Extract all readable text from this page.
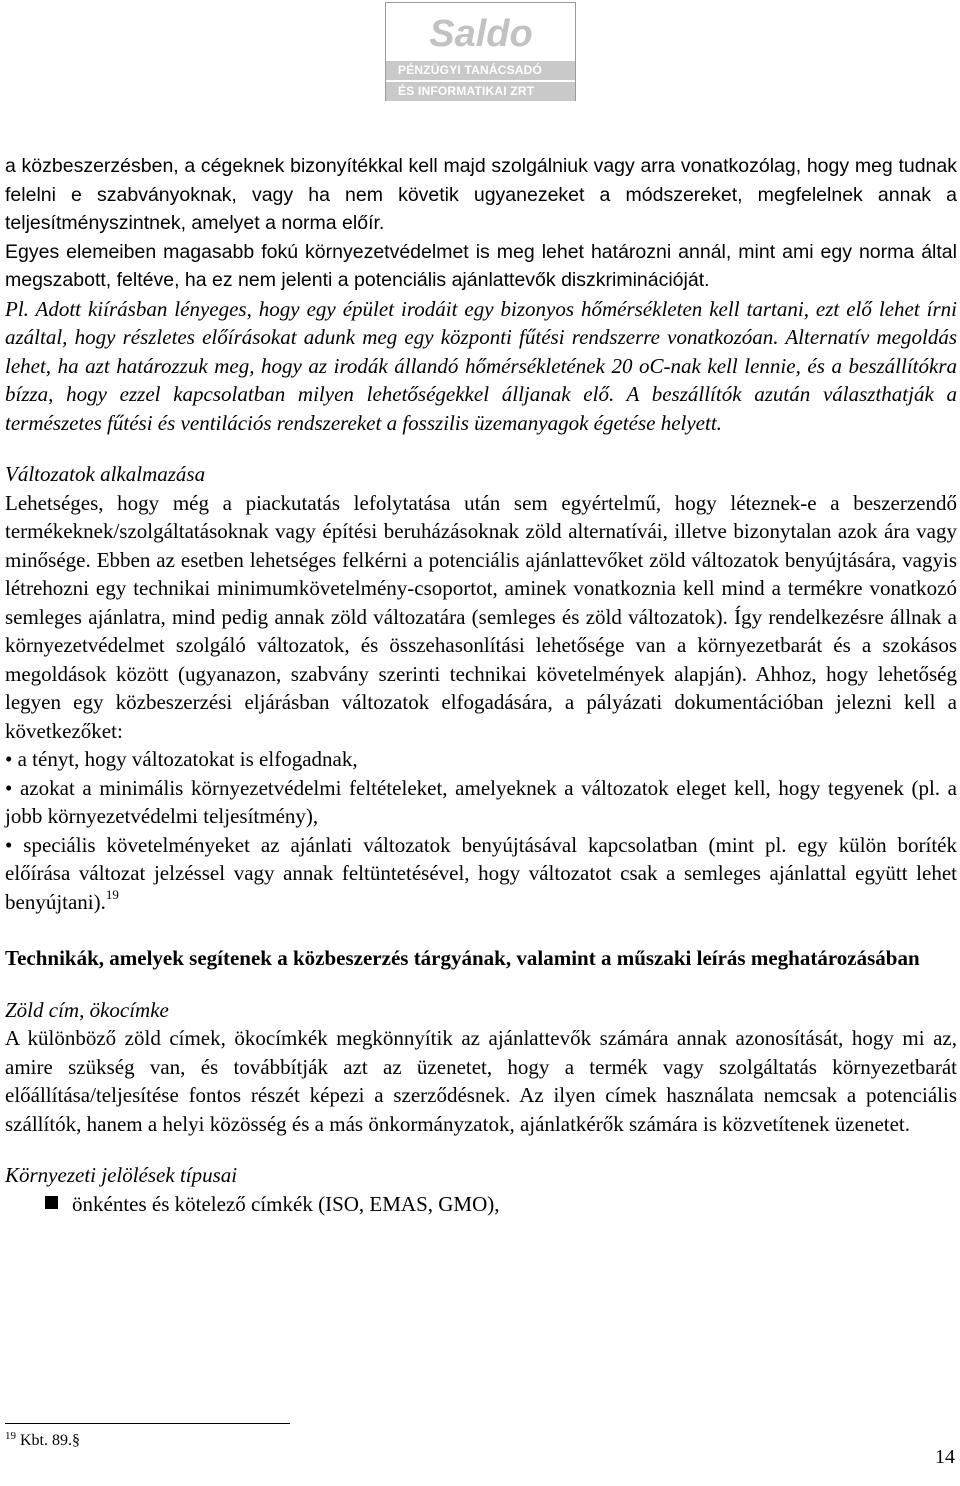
Saldo
PÉNZÜGYI TANÁCSADÓ
ÉS INFORMATIKAI ZRT

a közbeszerzésben, a cégeknek bizonyítékkal kell majd szolgálniuk vagy arra vonatkozólag, hogy meg tudnak felelni e szabványoknak, vagy ha nem követik ugyanezeket a módszereket, megfelelnek annak a teljesítményszintnek, amelyet a norma előír.

Egyes elemeiben magasabb fokú környezetvédelmet is meg lehet határozni annál, mint ami egy norma által megszabott, feltéve, ha ez nem jelenti a potenciális ajánlattevők diszkriminációját.

Pl. Adott kiírásban lényeges, hogy egy épület irodáit egy bizonyos hőmérsékleten kell tartani, ezt elő lehet írni azáltal, hogy részletes előírásokat adunk meg egy központi fűtési rendszerre vonatkozóan. Alternatív megoldás lehet, ha azt határozzuk meg, hogy az irodák állandó hőmérsékletének 20 oC-nak kell lennie, és a beszállítókra bízza, hogy ezzel kapcsolatban milyen lehetőségekkel álljanak elő. A beszállítók azután választhatják a természetes fűtési és ventilációs rendszereket a fosszilis üzemanyagok égetése helyett.

Változatok alkalmazása

Lehetséges, hogy még a piackutatás lefolytatása után sem egyértelmű, hogy léteznek-e a beszerzendő termékeknek/szolgáltatásoknak vagy építési beruházásoknak zöld alternatívái, illetve bizonytalan azok ára vagy minősége. Ebben az esetben lehetséges felkérni a potenciális ajánlattevőket zöld változatok benyújtására, vagyis létrehozni egy technikai minimumkövetelmény-csoportot, aminek vonatkoznia kell mind a termékre vonatkozó semleges ajánlatra, mind pedig annak zöld változatára (semleges és zöld változatok). Így rendelkezésre állnak a környezetvédelmet szolgáló változatok, és összehasonlítási lehetősége van a környezetbarát és a szokásos megoldások között (ugyanazon, szabvány szerinti technikai követelmények alapján). Ahhoz, hogy lehetőség legyen egy közbeszerzési eljárásban változatok elfogadására, a pályázati dokumentációban jelezni kell a következőket:

• a tényt, hogy változatokat is elfogadnak,

• azokat a minimális környezetvédelmi feltételeket, amelyeknek a változatok eleget kell, hogy tegyenek (pl. a jobb környezetvédelmi teljesítmény),

• speciális követelményeket az ajánlati változatok benyújtásával kapcsolatban (mint pl. egy külön boríték előírása változat jelzéssel vagy annak feltüntetésével, hogy változatot csak a semleges ajánlattal együtt lehet benyújtani).$^{19}$

Technikák, amelyek segítenek a közbeszerzés tárgyának, valamint a műszaki leírás meghatározásában
Zöld cím, ökocímke

A különböző zöld címek, ökocímkék megkönnyítik az ajánlattevők számára annak azonosítását, hogy mi az, amire szükség van, és továbbítják azt az üzenetet, hogy a termék vagy szolgáltatás környezetbarát előállítása/teljesítése fontos részét képezi a szerződésnek. Az ilyen címek használata nemcsak a potenciális szállítók, hanem a helyi közösség és a más önkormányzatok, ajánlatkérők számára is közvetítenek üzenetet.

Környezeti jelölések típusai

önkéntes és kötelező címkék (ISO, EMAS, GMO),

$^{19}$ Kbt. 89.§
14
